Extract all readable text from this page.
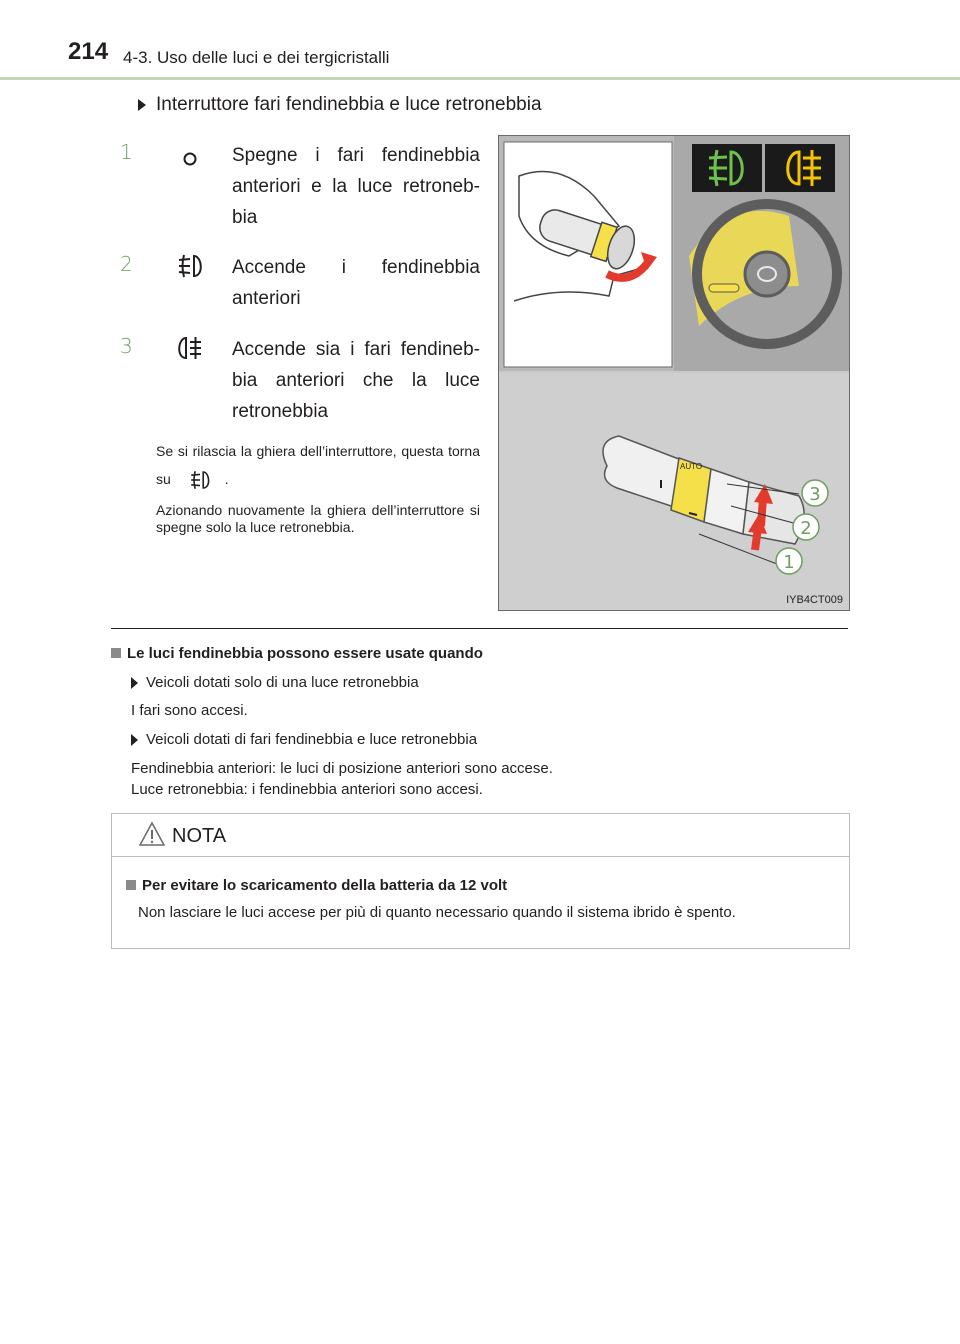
214 4-3. Uso delle luci e dei tergicristalli
Interruttore fari fendinebbia e luce retronebbia
1	Spegne i fari fendinebbia anteriori e la luce retroneb- bia
2	Accende i fendinebbia anteriori
3	Accende sia i fari fendineb- bia anteriori che la luce retronebbia
Se si rilascia la ghiera dell’interruttore, questa torna su	.
Azionando nuovamente la ghiera dell’interruttore si spegne solo la luce retronebbia.
AUTO
3
2
1
IYB4CT009
Le luci fendinebbia possono essere usate quando
Veicoli dotati solo di una luce retronebbia
I fari sono accesi.
Veicoli dotati di fari fendinebbia e luce retronebbia
Fendinebbia anteriori: le luci di posizione anteriori sono accese.
Luce retronebbia: i fendinebbia anteriori sono accesi.
NOTA
Per evitare lo scaricamento della batteria da 12 volt
Non lasciare le luci accese per più di quanto necessario quando il sistema ibrido è spento.
